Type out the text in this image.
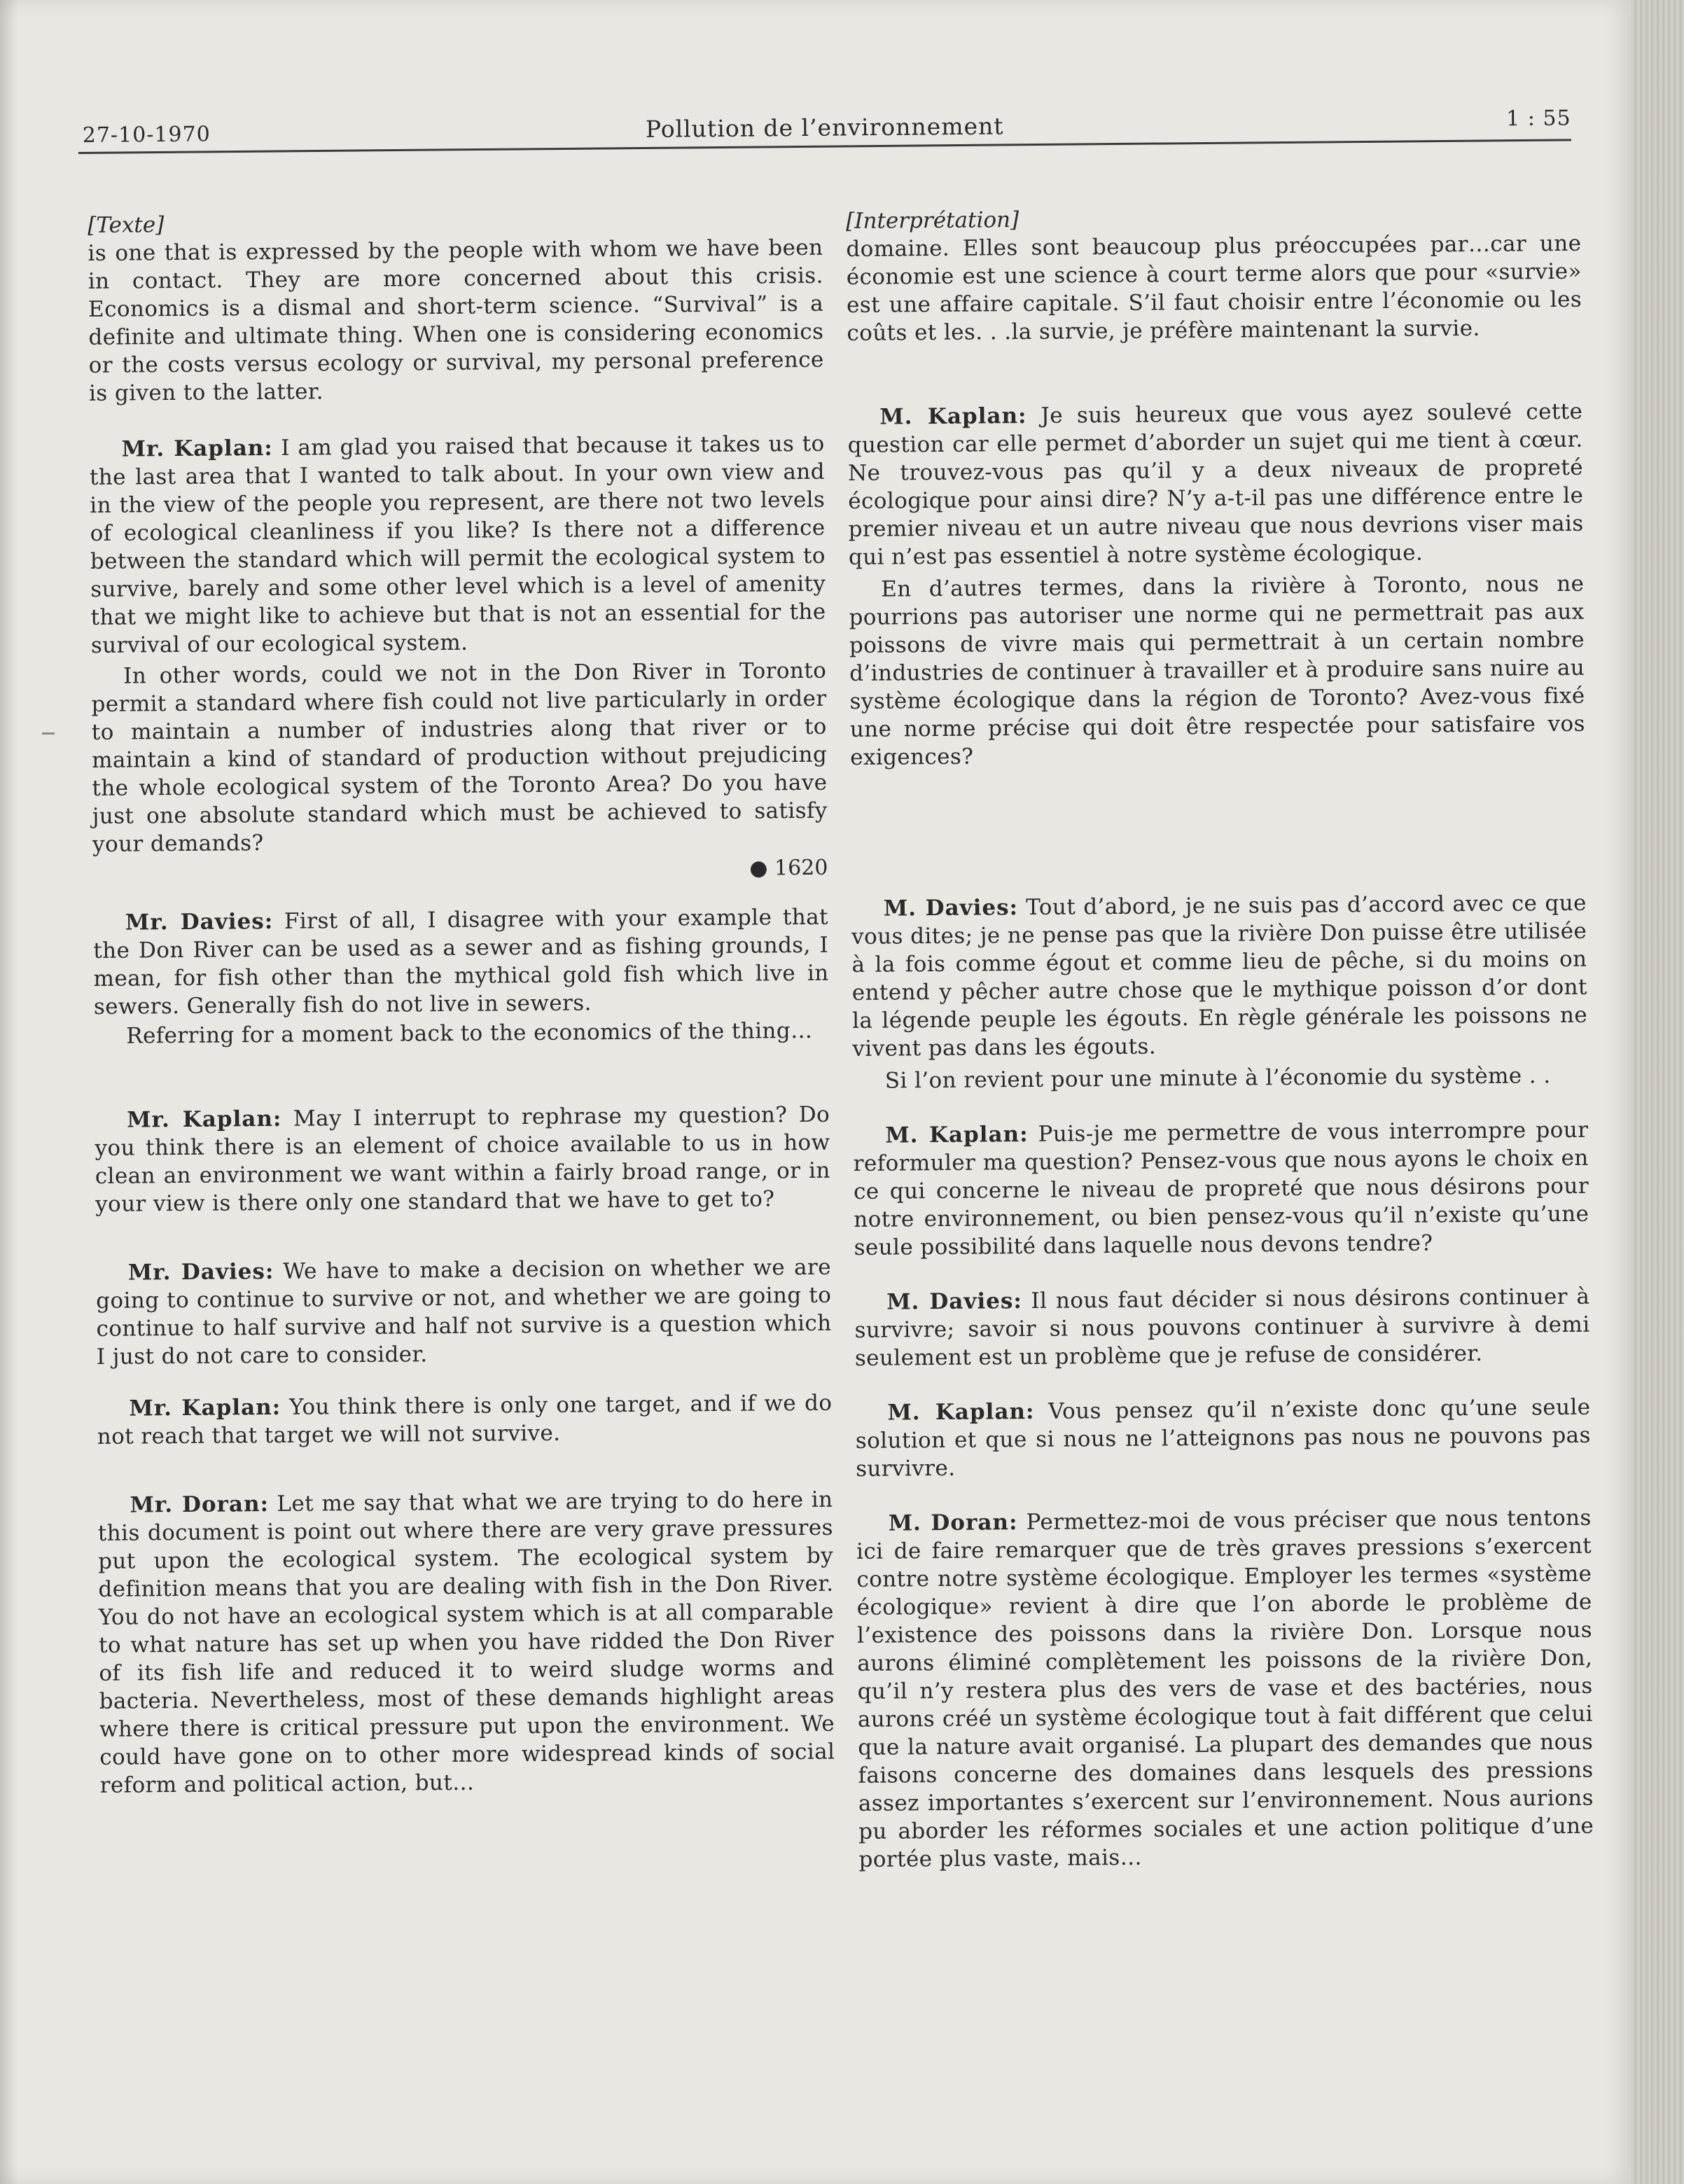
27-10-1970	Pollution de l’environnement	1 : 55

[Texte]

is one that is expressed by the people with whom we have been in contact. They are more concerned about this crisis. Economics is a dismal and short-term science. “Survival” is a definite and ultimate thing. When one is considering economics or the costs versus ecology or survival, my personal preference is given to the latter.

Mr. Kaplan: I am glad you raised that because it takes us to the last area that I wanted to talk about. In your own view and in the view of the people you represent, are there not two levels of ecological cleanliness if you like? Is there not a difference between the standard which will permit the ecological system to survive, barely and some other level which is a level of amenity that we might like to achieve but that is not an essential for the survival of our ecological system.

In other words, could we not in the Don River in Toronto permit a standard where fish could not live particularly in order to maintain a number of industries along that river or to maintain a kind of standard of production without prejudicing the whole ecological system of the Toronto Area? Do you have just one absolute standard which must be achieved to satisfy your demands?

● 1620

Mr. Davies: First of all, I disagree with your example that the Don River can be used as a sewer and as fishing grounds, I mean, for fish other than the mythical gold fish which live in sewers. Generally fish do not live in sewers.

Referring for a moment back to the economics of the thing…

Mr. Kaplan: May I interrupt to rephrase my question? Do you think there is an element of choice available to us in how clean an environment we want within a fairly broad range, or in your view is there only one standard that we have to get to?

Mr. Davies: We have to make a decision on whether we are going to continue to survive or not, and whether we are going to continue to half survive and half not survive is a question which I just do not care to consider.

Mr. Kaplan: You think there is only one target, and if we do not reach that target we will not survive.

Mr. Doran: Let me say that what we are trying to do here in this document is point out where there are very grave pressures put upon the ecological system. The ecological system by definition means that you are dealing with fish in the Don River. You do not have an ecological system which is at all comparable to what nature has set up when you have ridded the Don River of its fish life and reduced it to weird sludge worms and bacteria. Nevertheless, most of these demands highlight areas where there is critical pressure put upon the environment. We could have gone on to other more widespread kinds of social reform and political action, but…

[Interprétation]

domaine. Elles sont beaucoup plus préoccupées par…car une économie est une science à court terme alors que pour «survie» est une affaire capitale. S’il faut choisir entre l’économie ou les coûts et les. . .la survie, je préfère maintenant la survie.

M. Kaplan: Je suis heureux que vous ayez soulevé cette question car elle permet d’aborder un sujet qui me tient à cœur. Ne trouvez-vous pas qu’il y a deux niveaux de propreté écologique pour ainsi dire? N’y a-t-il pas une différence entre le premier niveau et un autre niveau que nous devrions viser mais qui n’est pas essentiel à notre système écologique.

En d’autres termes, dans la rivière à Toronto, nous ne pourrions pas autoriser une norme qui ne permettrait pas aux poissons de vivre mais qui permettrait à un certain nombre d’industries de continuer à travailler et à produire sans nuire au système écologique dans la région de Toronto? Avez-vous fixé une norme précise qui doit être respectée pour satisfaire vos exigences?

M. Davies: Tout d’abord, je ne suis pas d’accord avec ce que vous dites; je ne pense pas que la rivière Don puisse être utilisée à la fois comme égout et comme lieu de pêche, si du moins on entend y pêcher autre chose que le mythique poisson d’or dont la légende peuple les égouts. En règle générale les poissons ne vivent pas dans les égouts.

Si l’on revient pour une minute à l’économie du système . .

M. Kaplan: Puis-je me permettre de vous interrompre pour reformuler ma question? Pensez-vous que nous ayons le choix en ce qui concerne le niveau de propreté que nous désirons pour notre environnement, ou bien pensez-vous qu’il n’existe qu’une seule possibilité dans laquelle nous devons tendre?

M. Davies: Il nous faut décider si nous désirons continuer à survivre; savoir si nous pouvons continuer à survivre à demi seulement est un problème que je refuse de considérer.

M. Kaplan: Vous pensez qu’il n’existe donc qu’une seule solution et que si nous ne l’atteignons pas nous ne pouvons pas survivre.

M. Doran: Permettez-moi de vous préciser que nous tentons ici de faire remarquer que de très graves pressions s’exercent contre notre système écologique. Employer les termes «système écologique» revient à dire que l’on aborde le problème de l’existence des poissons dans la rivière Don. Lorsque nous aurons éliminé complètement les poissons de la rivière Don, qu’il n’y restera plus des vers de vase et des bactéries, nous aurons créé un système écologique tout à fait différent que celui que la nature avait organisé. La plupart des demandes que nous faisons concerne des domaines dans lesquels des pressions assez importantes s’exercent sur l’environnement. Nous aurions pu aborder les réformes sociales et une action politique d’une portée plus vaste, mais…
